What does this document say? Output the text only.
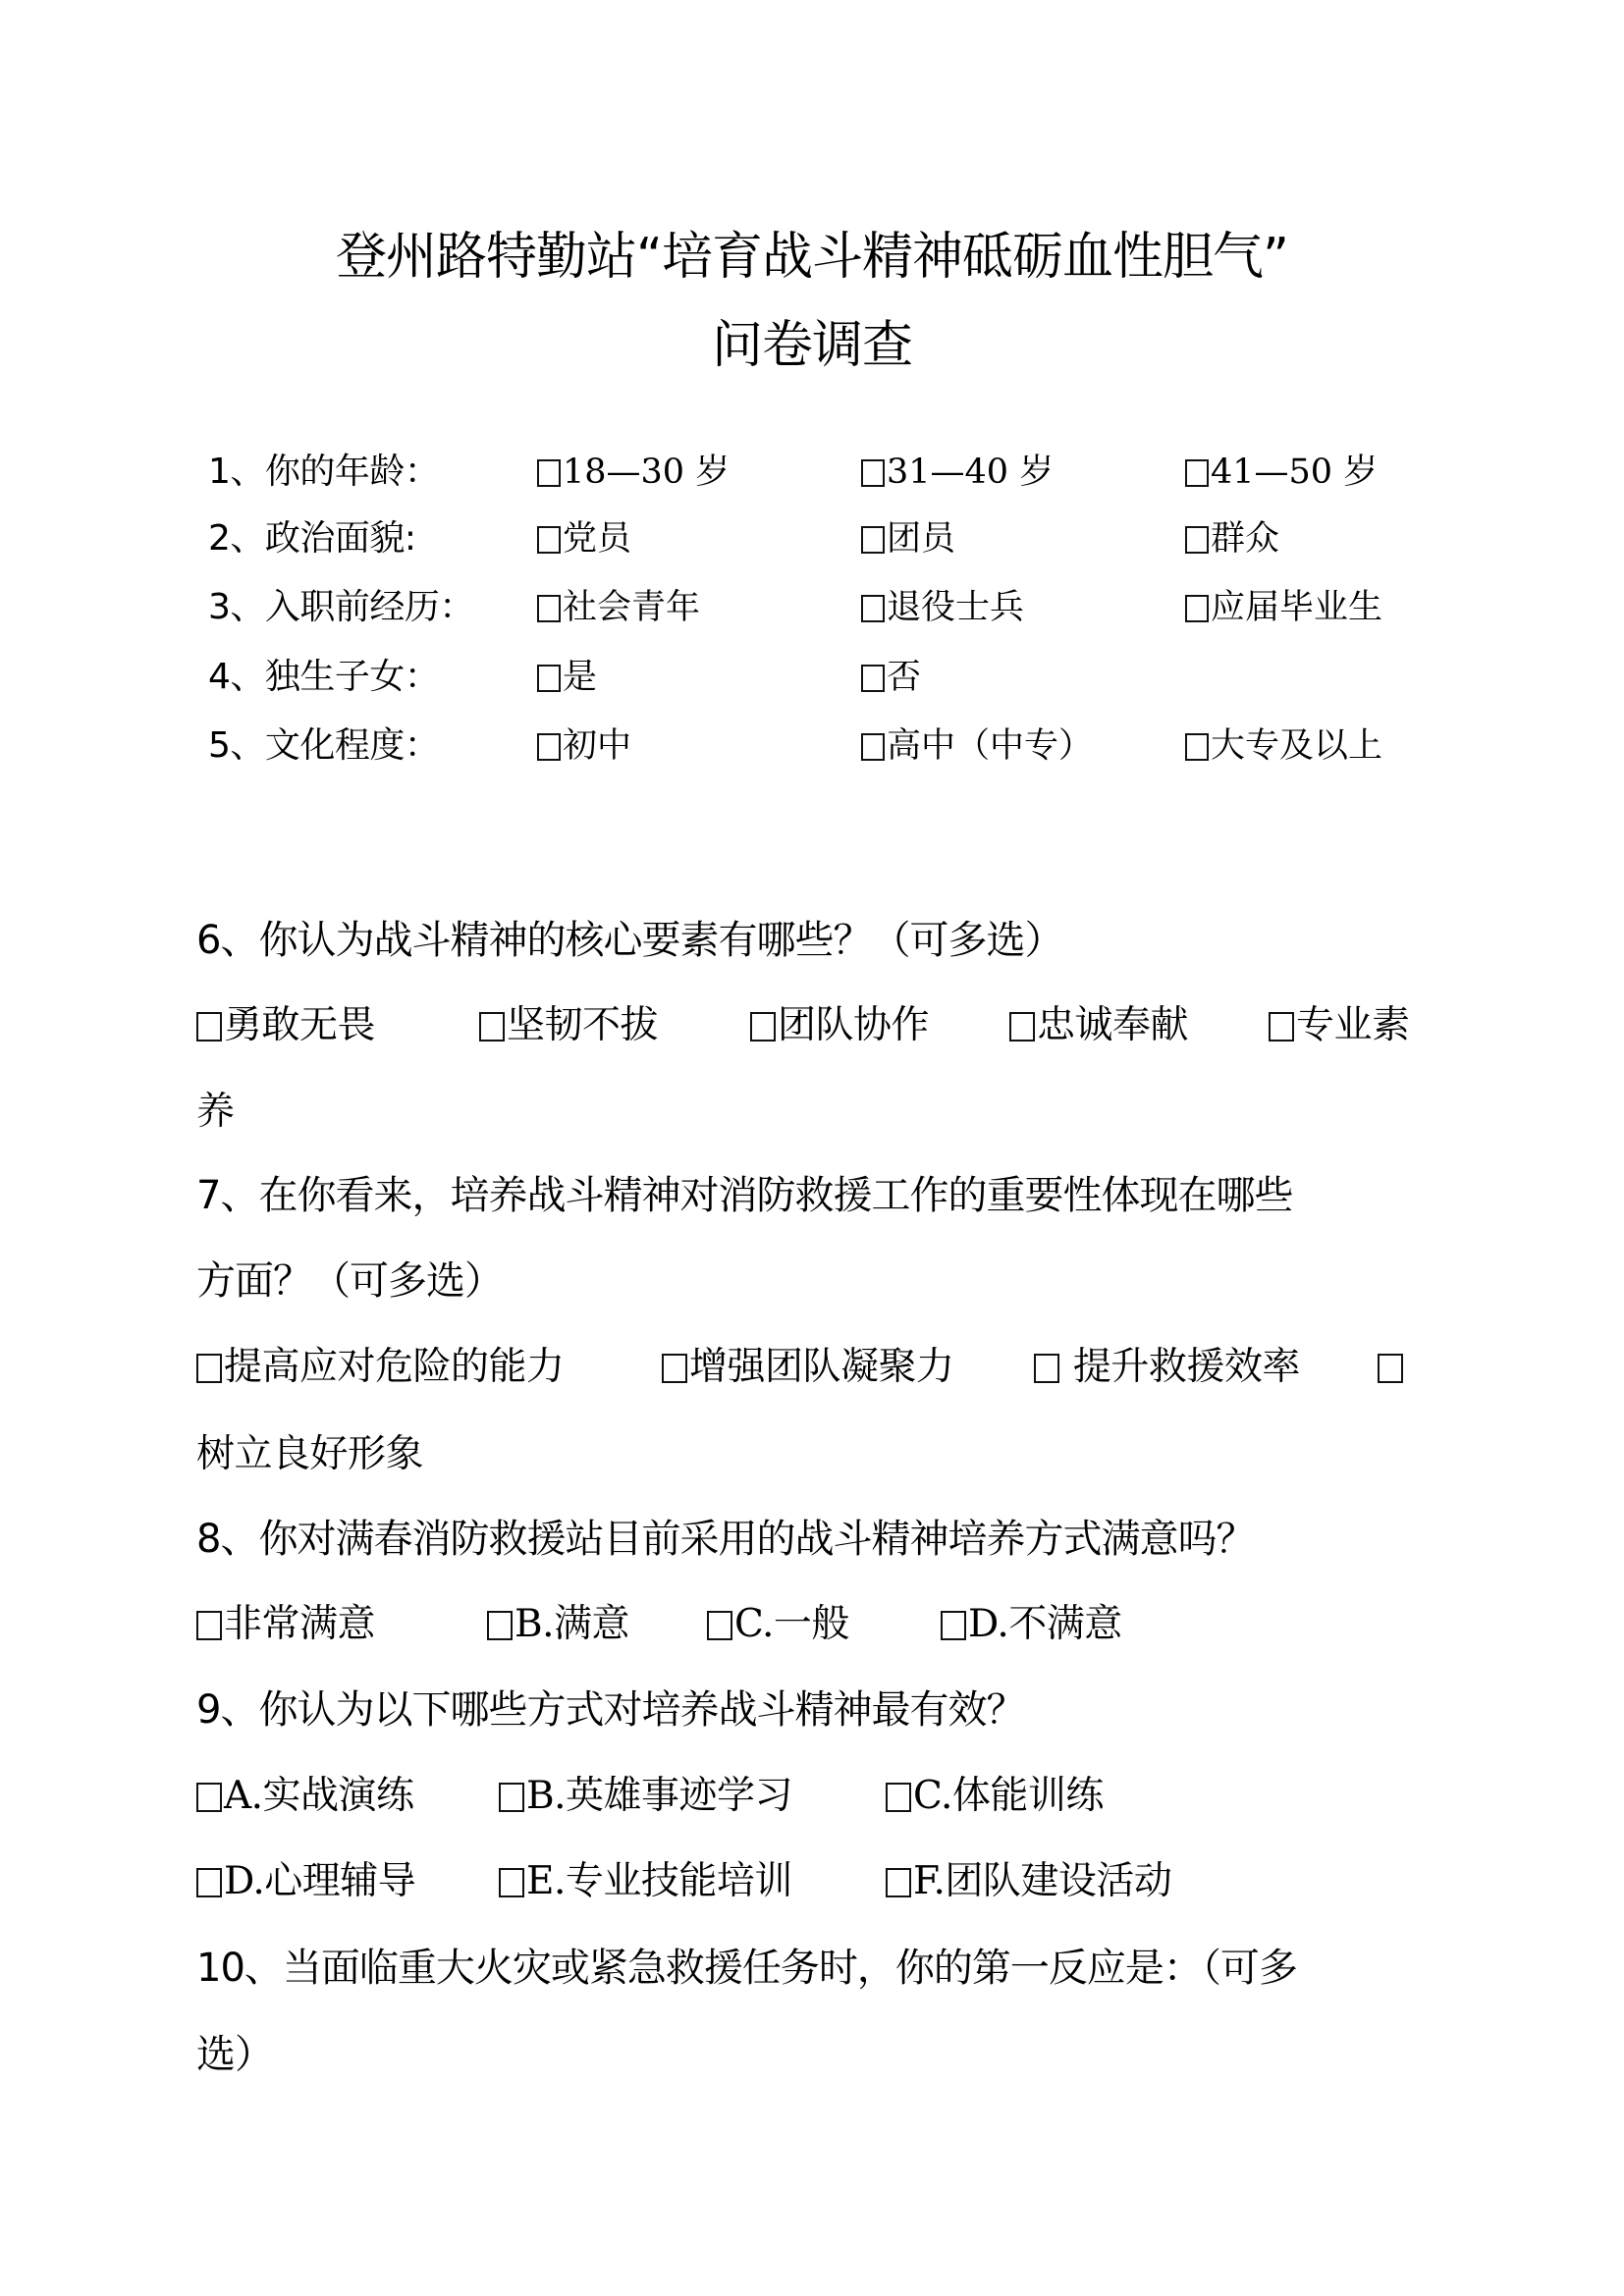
登州路特勤站“培育战斗精神砥砺血性胆气”
问卷调查
1、你的年龄：	18—30 岁	31—40 岁	41—50 岁
2、政治面貌:	党员	团员	群众
3、入职前经历：	社会青年	退役士兵	应届毕业生
4、独生子女：	是	否
5、文化程度：	初中	高中（中专）	大专及以上
6、你认为战斗精神的核心要素有哪些？（可多选）
勇敢无畏	坚韧不拔	团队协作	忠诚奉献	专业素
养
7、在你看来，培养战斗精神对消防救援工作的重要性体现在哪些
方面？（可多选）
提高应对危险的能力	增强团队凝聚力	提升救援效率
树立良好形象
8、你对满春消防救援站目前采用的战斗精神培养方式满意吗？
非常满意	B.满意	C.一般	D.不满意
9、你认为以下哪些方式对培养战斗精神最有效？
A.实战演练	B.英雄事迹学习	C.体能训练
D.心理辅导	E.专业技能培训	F.团队建设活动
10、当面临重大火灾或紧急救援任务时，你的第一反应是：（可多
选）
